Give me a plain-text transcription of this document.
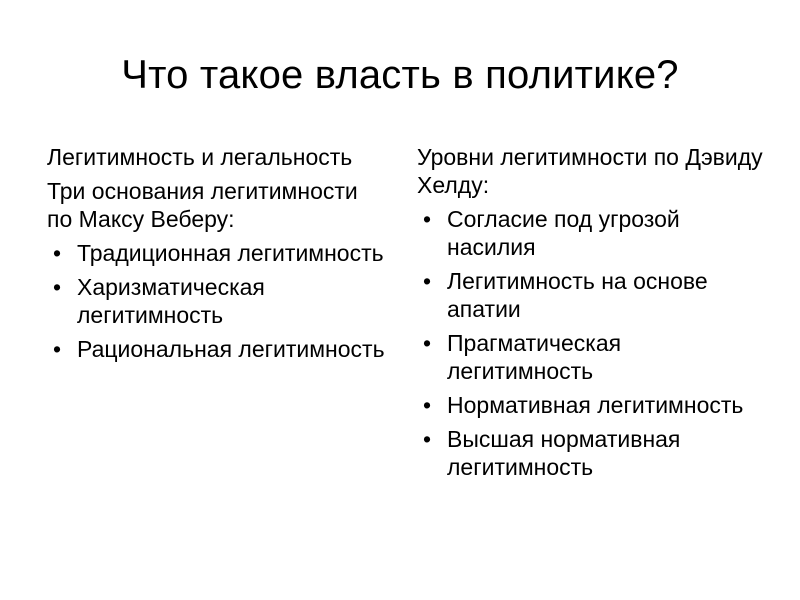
Что такое власть в политике?

Легитимность и легальность

Три основания легитимности по Максу Веберу:

• Традиционная легитимность
• Харизматическая легитимность
• Рациональная легитимность

Уровни легитимности по Дэвиду Хелду:

• Согласие под угрозой насилия
• Легитимность на основе апатии
• Прагматическая легитимность
• Нормативная легитимность
• Высшая нормативная легитимность
